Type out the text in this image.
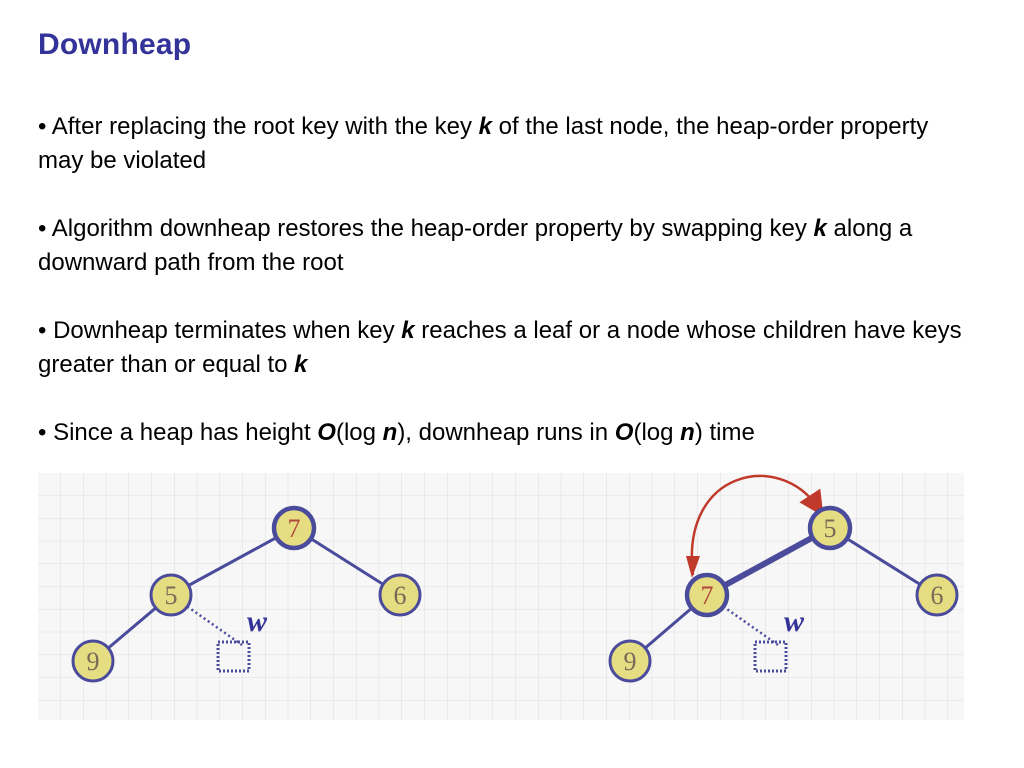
Downheap

• After replacing the root key with the key k of the last node, the heap-order property may be violated

• Algorithm downheap restores the heap-order property by swapping key k along a downward path from the root

• Downheap terminates when key k reaches a leaf or a node whose children have keys greater than or equal to k

• Since a heap has height O(log n), downheap runs in O(log n) time

7
5	6
9
w
5
7	6
9
w
